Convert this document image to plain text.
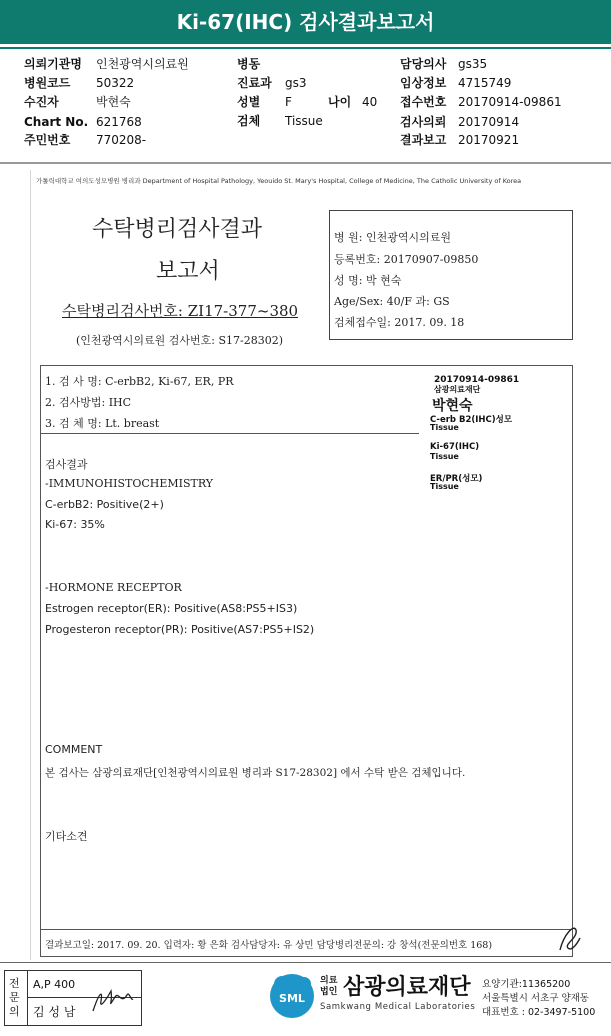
Ki-67(IHC) 검사결과보고서
의뢰기관명 인천광역시의료원
병원코드 50322
수진자	박현숙
Chart No. 621768
주민번호 770208-
병동
진료과 gs3
성별 F	나이 40
검체 Tissue
담당의사 gs35
임상정보 4715749
접수번호 20170914-09861
검사의뢰 20170914
결과보고 20170921
가톨릭대학교 여의도성모병원 병리과 Department of Hospital Pathology, Yeouido St. Mary's Hospital, College of Medicine, The Catholic University of Korea
수탁병리검사결과
보고서
수탁병리검사번호: ZI17-377~380
(인천광역시의료원 검사번호: S17-28302)
병 원: 인천광역시의료원
등록번호: 20170907-09850
성 명: 박 현숙
Age/Sex: 40/F 과: GS
검체접수일: 2017. 09. 18
1. 검 사 명: C-erbB2, Ki-67, ER, PR
2. 검사방법: IHC
3. 검 체 명: Lt. breast
검사결과
-IMMUNOHISTOCHEMISTRY
C-erbB2: Positive(2+)
Ki-67: 35%
-HORMONE RECEPTOR
Estrogen receptor(ER): Positive(AS8:PS5+IS3)
Progesteron receptor(PR): Positive(AS7:PS5+IS2)
COMMENT
본 검사는 삼광의료재단[인천광역시의료원 병리과 S17-28302] 에서 수탁 받은 검체입니다.
기타소견
결과보고일: 2017. 09. 20. 입력자: 황 은화 검사담당자: 유 상민 담당병리전문의: 강 창석(전문의번호 168)
20170914-09861
삼광의료재단
박현숙
C-erb B2(IHC)성모
Tissue
Ki-67(IHC)
Tissue
ER/PR(성모)
Tissue
전문의
A,P 400
김 성 남
SML
의료
법인 삼광의료재단
Samkwang Medical Laboratories
요양기관:11365200
서울특별시 서초구 양재동
대표번호 : 02-3497-5100
